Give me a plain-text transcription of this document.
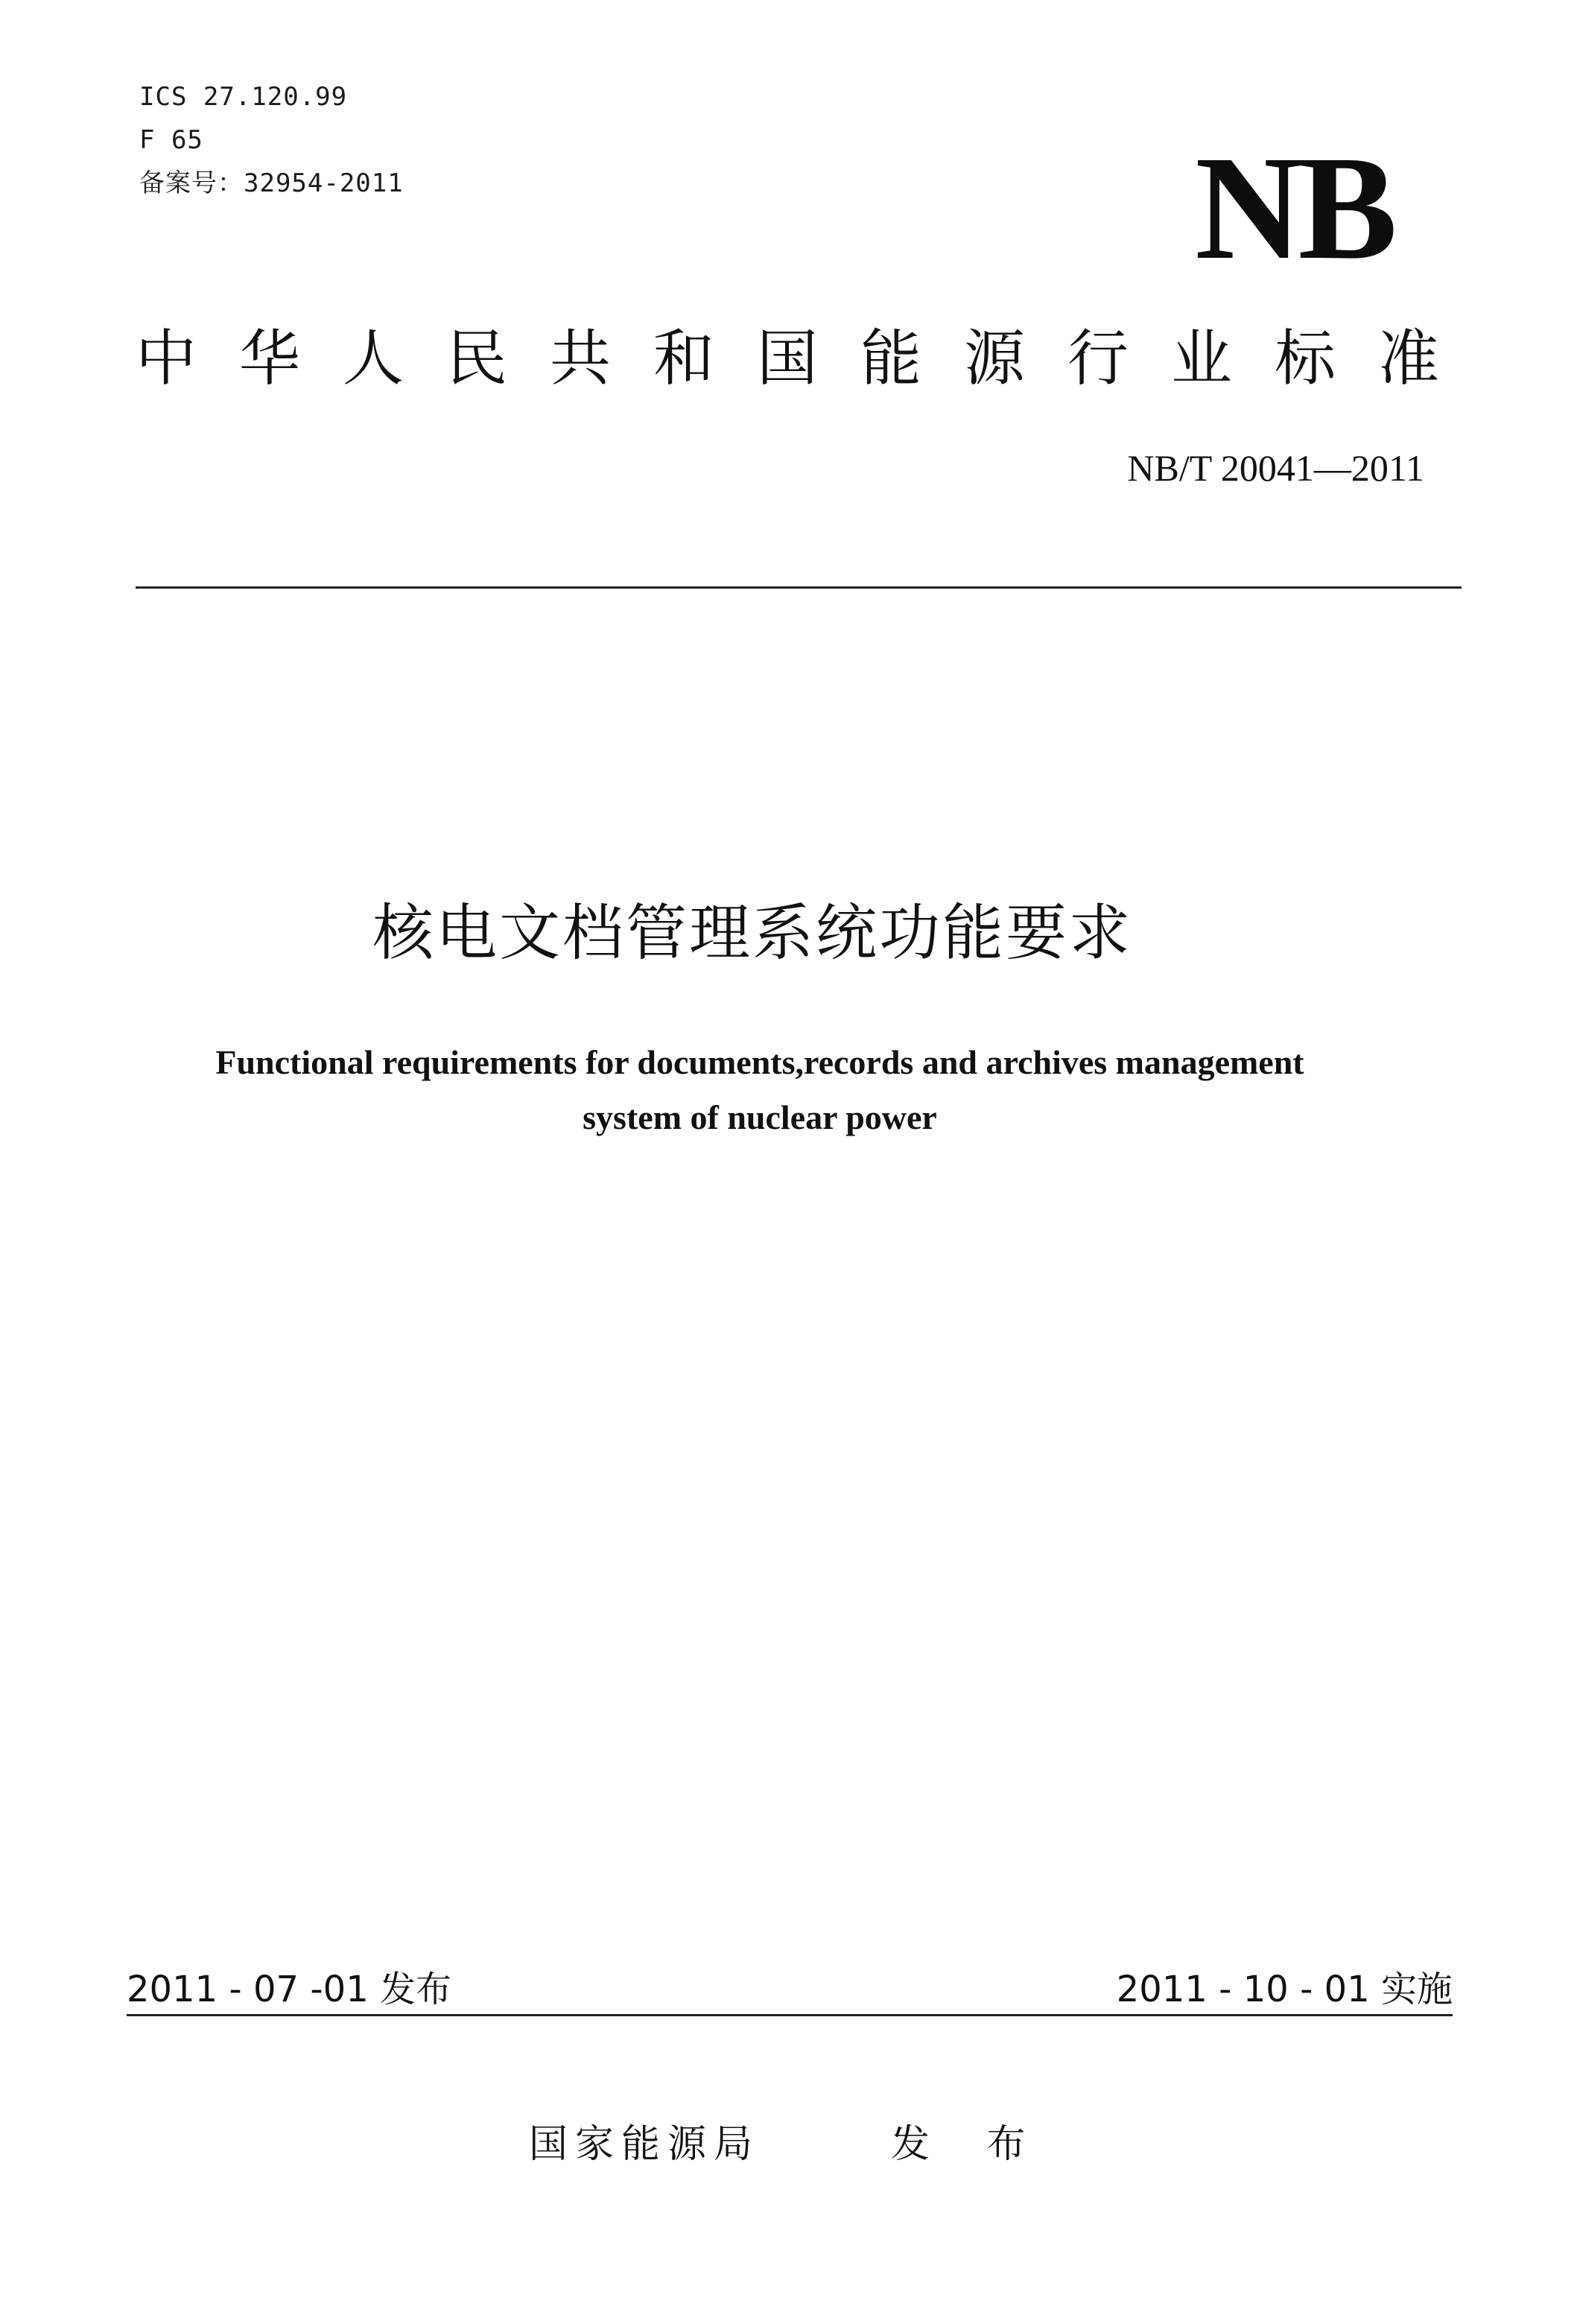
ICS 27.120.99
F 65
备案号：32954-2011	NB
中华人民共和国能源行业标准
NB/T 20041—2011
核电文档管理系统功能要求
Functional requirements for documents,records and archives management
system of nuclear power
2011 - 07 -01 发布	2011 - 10 - 01 实施
国家能源局	发 布
